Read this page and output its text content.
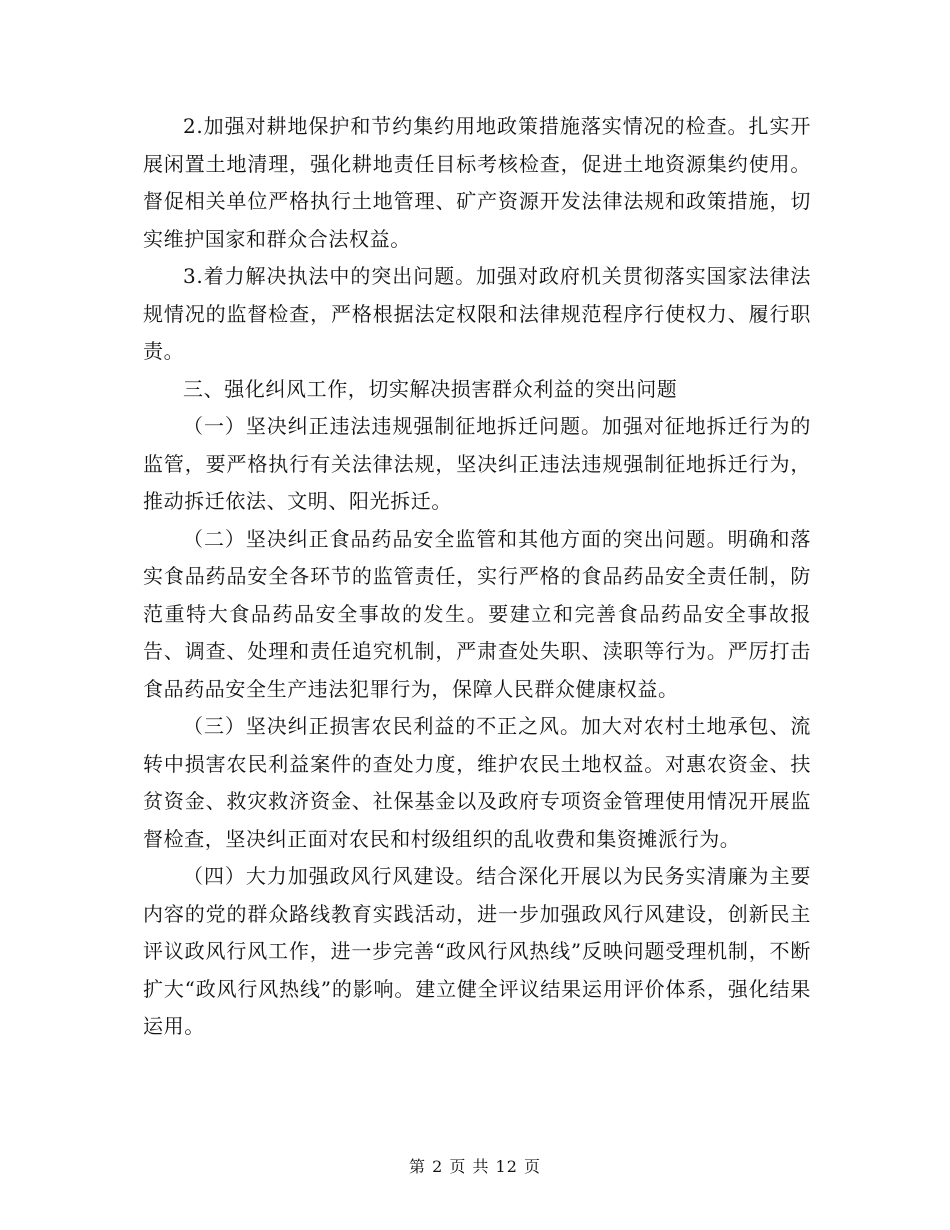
2.加强对耕地保护和节约集约用地政策措施落实情况的检查。扎实开展闲置土地清理，强化耕地责任目标考核检查，促进土地资源集约使用。督促相关单位严格执行土地管理、矿产资源开发法律法规和政策措施，切实维护国家和群众合法权益。

3.着力解决执法中的突出问题。加强对政府机关贯彻落实国家法律法规情况的监督检查，严格根据法定权限和法律规范程序行使权力、履行职责。

三、强化纠风工作，切实解决损害群众利益的突出问题

（一）坚决纠正违法违规强制征地拆迁问题。加强对征地拆迁行为的监管，要严格执行有关法律法规，坚决纠正违法违规强制征地拆迁行为，推动拆迁依法、文明、阳光拆迁。

（二）坚决纠正食品药品安全监管和其他方面的突出问题。明确和落实食品药品安全各环节的监管责任，实行严格的食品药品安全责任制，防范重特大食品药品安全事故的发生。要建立和完善食品药品安全事故报告、调查、处理和责任追究机制，严肃查处失职、渎职等行为。严厉打击食品药品安全生产违法犯罪行为，保障人民群众健康权益。

（三）坚决纠正损害农民利益的不正之风。加大对农村土地承包、流转中损害农民利益案件的查处力度，维护农民土地权益。对惠农资金、扶贫资金、救灾救济资金、社保基金以及政府专项资金管理使用情况开展监督检查，坚决纠正面对农民和村级组织的乱收费和集资摊派行为。

（四）大力加强政风行风建设。结合深化开展以为民务实清廉为主要内容的党的群众路线教育实践活动，进一步加强政风行风建设，创新民主评议政风行风工作，进一步完善“政风行风热线”反映问题受理机制，不断扩大“政风行风热线”的影响。建立健全评议结果运用评价体系，强化结果运用。

第 2 页 共 12 页
